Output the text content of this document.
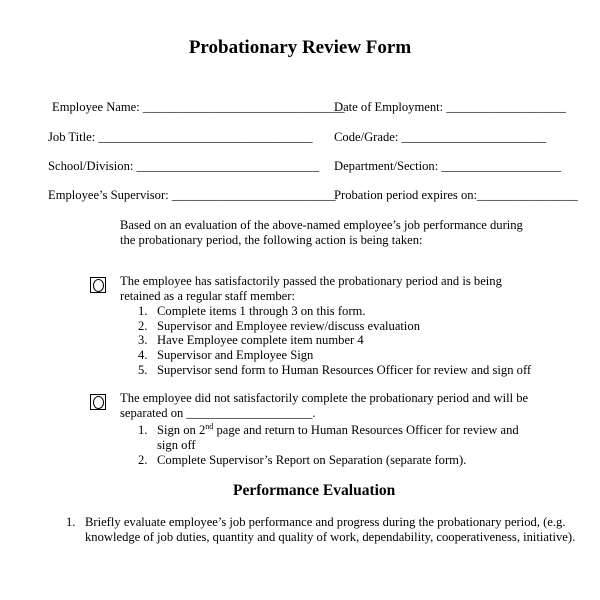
Probationary Review Form
Employee Name: ________________________________
Date of Employment: ___________________
Job Title: __________________________________ Code/Grade: _______________________
School/Division: _____________________________ Department/Section: ___________________
Employee’s Supervisor: __________________________
Probation period expires on:________________
Based on an evaluation of the above-named employee’s job performance during
the probationary period, the following action is being taken:
The employee has satisfactorily passed the probationary period and is being
retained as a regular staff member:
1. Complete items 1 through 3 on this form.
2. Supervisor and Employee review/discuss evaluation
3. Have Employee complete item number 4
4. Supervisor and Employee Sign
5. Supervisor send form to Human Resources Officer for review and sign off
The employee did not satisfactorily complete the probationary period and will be
separated on ____________________.
1. Sign on 2nd page and return to Human Resources Officer for review and
sign off
2. Complete Supervisor’s Report on Separation (separate form).
Performance Evaluation
1. Briefly evaluate employee’s job performance and progress during the probationary period, (e.g.
knowledge of job duties, quantity and quality of work, dependability, cooperativeness, initiative).
